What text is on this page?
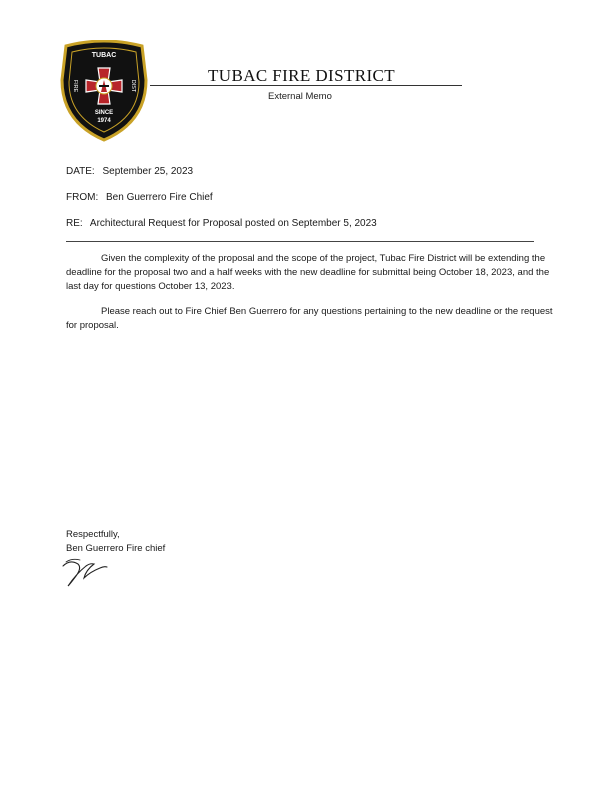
TUBAC
FIRE	DIST
SINCE
1974
TUBAC FIRE DISTRICT
External Memo
DATE: September 25, 2023
FROM: Ben Guerrero Fire Chief
RE: Architectural Request for Proposal posted on September 5, 2023

Given the complexity of the proposal and the scope of the project, Tubac Fire District will be extending the deadline for the proposal two and a half weeks with the new deadline for submittal being October 18, 2023, and the last day for questions October 13, 2023.

Please reach out to Fire Chief Ben Guerrero for any questions pertaining to the new deadline or the request for proposal.

Respectfully,
Ben Guerrero Fire chief
